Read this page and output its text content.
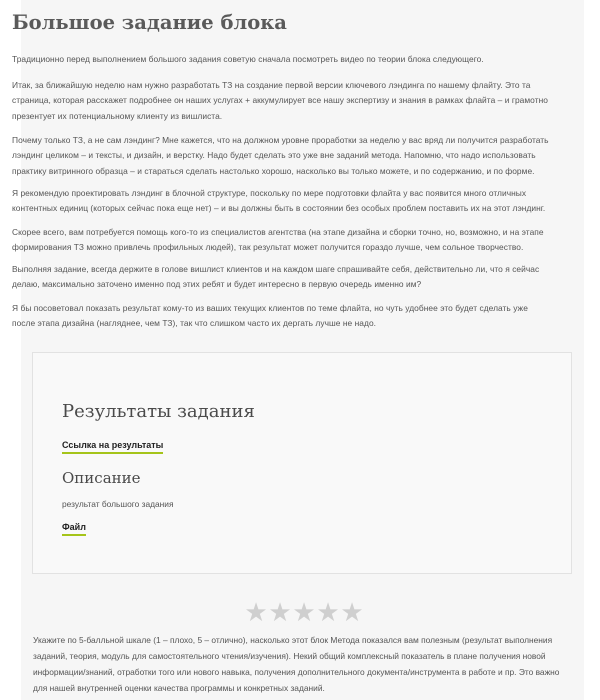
Большое задание блока

Традиционно перед выполнением большого задания советую сначала посмотреть видео по теории блока следующего.

Итак, за ближайшую неделю нам нужно разработать ТЗ на создание первой версии ключевого лэндинга по нашему флайту. Это та страница, которая расскажет подробнее он наших услугах + аккумулирует все нашу экспертизу и знания в рамках флайта – и грамотно презентует их потенциальному клиенту из вишлиста.

Почему только ТЗ, а не сам лэндинг? Мне кажется, что на должном уровне проработки за неделю у вас вряд ли получится разработать лэндинг целиком – и тексты, и дизайн, и верстку. Надо будет сделать это уже вне заданий метода. Напомню, что надо использовать практику витринного образца – и стараться сделать настолько хорошо, насколько вы только можете, и по содержанию, и по форме.

Я рекомендую проектировать лэндинг в блочной структуре, поскольку по мере подготовки флайта у вас появится много отличных контентных единиц (которых сейчас пока еще нет) – и вы должны быть в состоянии без особых проблем поставить их на этот лэндинг.

Скорее всего, вам потребуется помощь кого-то из специалистов агентства (на этапе дизайна и сборки точно, но, возможно, и на этапе формирования ТЗ можно привлечь профильных людей), так результат может получится гораздо лучше, чем сольное творчество.

Выполняя задание, всегда держите в голове вишлист клиентов и на каждом шаге спрашивайте себя, действительно ли, что я сейчас делаю, максимально заточено именно под этих ребят и будет интересно в первую очередь именно им?

Я бы посоветовал показать результат кому-то из ваших текущих клиентов по теме флайта, но чуть удобнее это будет сделать уже после этапа дизайна (нагляднее, чем ТЗ), так что слишком часто их дергать лучше не надо.

Результаты задания
Ссылка на результаты
Описание
результат большого задания
Файл
★ ★ ★ ★ ★

Укажите по 5-балльной шкале (1 – плохо, 5 – отлично), насколько этот блок Метода показался вам полезным (результат выполнения заданий, теория, модуль для самостоятельного чтения/изучения). Некий общий комплексный показатель в плане получения новой информации/знаний, отработки того или нового навыка, получения дополнительного документа/инструмента в работе и пр. Это важно для нашей внутренней оценки качества программы и конкретных заданий.
